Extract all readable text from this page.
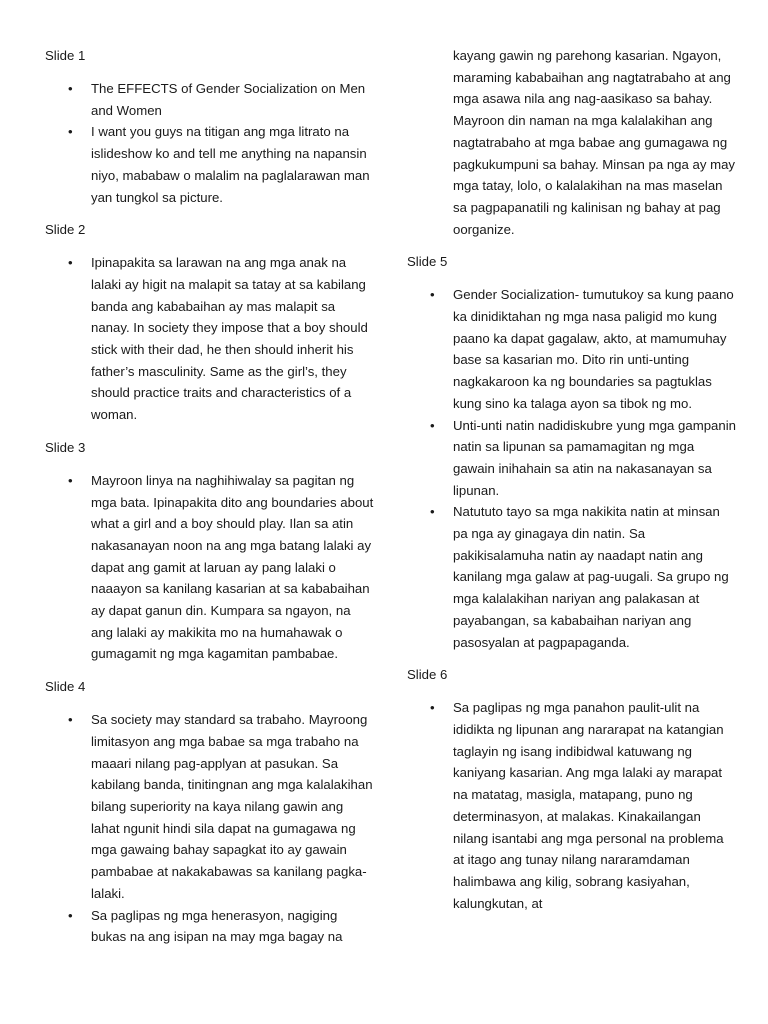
Slide 1
• The EFFECTS of Gender Socialization on Men and Women
• I want you guys na titigan ang mga litrato na islideshow ko and tell me anything na napansin niyo, mababaw o malalim na paglalarawan man yan tungkol sa picture.
Slide 2
• Ipinapakita sa larawan na ang mga anak na lalaki ay higit na malapit sa tatay at sa kabilang banda ang kababaihan ay mas malapit sa nanay. In society they impose that a boy should stick with their dad, he then should inherit his father’s masculinity. Same as the girl’s, they should practice traits and characteristics of a woman.
Slide 3
• Mayroon linya na naghihiwalay sa pagitan ng mga bata. Ipinapakita dito ang boundaries about what a girl and a boy should play. Ilan sa atin nakasanayan noon na ang mga batang lalaki ay dapat ang gamit at laruan ay pang lalaki o naaayon sa kanilang kasarian at sa kababaihan ay dapat ganun din. Kumpara sa ngayon, na ang lalaki ay makikita mo na humahawak o gumagamit ng mga kagamitan pambabae.
Slide 4
• Sa society may standard sa trabaho. Mayroong limitasyon ang mga babae sa mga trabaho na maaari nilang pag-applyan at pasukan. Sa kabilang banda, tinitingnan ang mga kalalakihan bilang superiority na kaya nilang gawin ang lahat ngunit hindi sila dapat na gumagawa ng mga gawaing bahay sapagkat ito ay gawain pambabae at nakakabawas sa kanilang pagka-lalaki.
• Sa paglipas ng mga henerasyon, nagiging bukas na ang isipan na may mga bagay na
kayang gawin ng parehong kasarian. Ngayon, maraming kababaihan ang nagtatrabaho at ang mga asawa nila ang nag-aasikaso sa bahay. Mayroon din naman na mga kalalakihan ang nagtatrabaho at mga babae ang gumagawa ng pagkukumpuni sa bahay. Minsan pa nga ay may mga tatay, lolo, o kalalakihan na mas maselan sa pagpapanatili ng kalinisan ng bahay at pag oorganize.
Slide 5
• Gender Socialization- tumutukoy sa kung paano ka dinidiktahan ng mga nasa paligid mo kung paano ka dapat gagalaw, akto, at mamumuhay base sa kasarian mo. Dito rin unti-unting nagkakaroon ka ng boundaries sa pagtuklas kung sino ka talaga ayon sa tibok ng mo.
• Unti-unti natin nadidiskubre yung mga gampanin natin sa lipunan sa pamamagitan ng mga gawain inihahain sa atin na nakasanayan sa lipunan.
• Natututo tayo sa mga nakikita natin at minsan pa nga ay ginagaya din natin. Sa pakikisalamuha natin ay naadapt natin ang kanilang mga galaw at pag-uugali. Sa grupo ng mga kalalakihan nariyan ang palakasan at payabangan, sa kababaihan nariyan ang pasosyalan at pagpapaganda.
Slide 6
• Sa paglipas ng mga panahon paulit-ulit na ididikta ng lipunan ang nararapat na katangian taglayin ng isang indibidwal katuwang ng kaniyang kasarian. Ang mga lalaki ay marapat na matatag, masigla, matapang, puno ng determinasyon, at malakas. Kinakailangan nilang isantabi ang mga personal na problema at itago ang tunay nilang nararamdaman halimbawa ang kilig, sobrang kasiyahan, kalungkutan, at
